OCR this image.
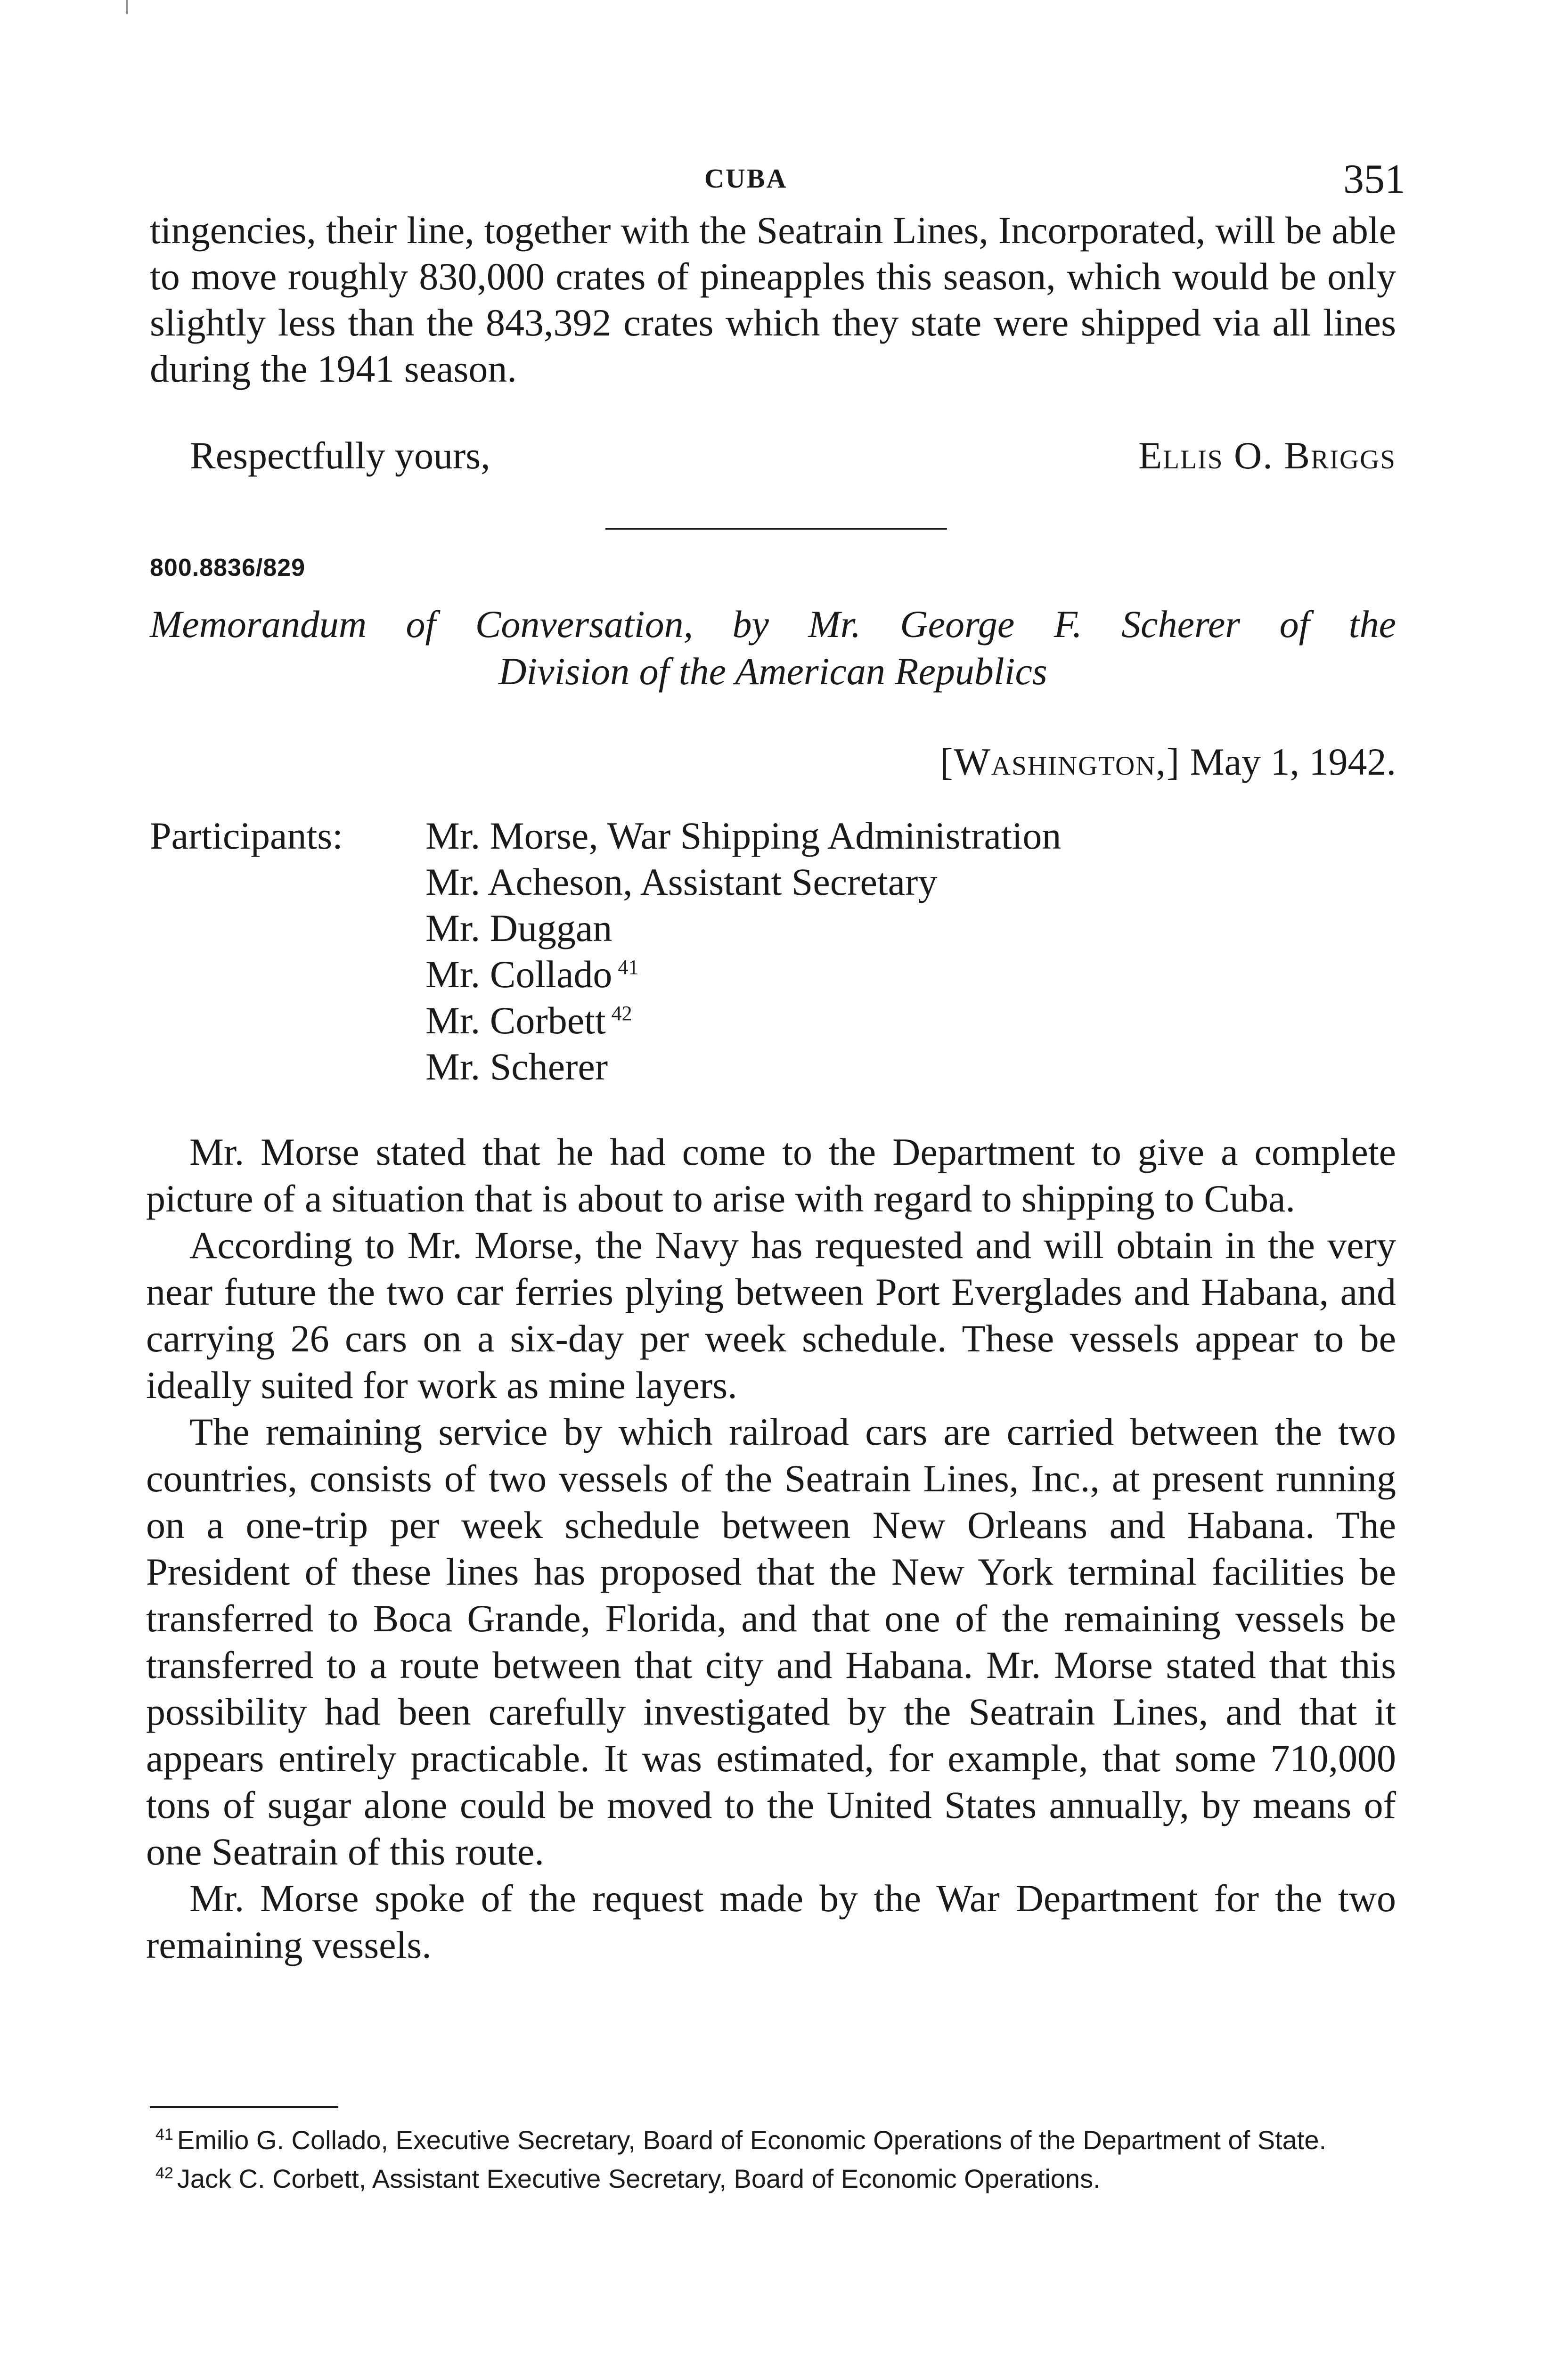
CUBA	351

tingencies, their line, together with the Seatrain Lines, Incorporated, will be able to move roughly 830,000 crates of pineapples this season, which would be only slightly less than the 843,392 crates which they state were shipped via all lines during the 1941 season.

Respectfully yours,	Ellis O. Briggs
800.8836/829
Memorandum of Conversation, by Mr. George F. Scherer of the
Division of the American Republics
[Washington,] May 1, 1942.
Participants: Mr. Morse, War Shipping Administration
Mr. Acheson, Assistant Secretary
Mr. Duggan
Mr. Collado $^{41}$
Mr. Corbett $^{42}$
Mr. Scherer

Mr. Morse stated that he had come to the Department to give a complete picture of a situation that is about to arise with regard to shipping to Cuba.

According to Mr. Morse, the Navy has requested and will obtain in the very near future the two car ferries plying between Port Everglades and Habana, and carrying 26 cars on a six-day per week schedule. These vessels appear to be ideally suited for work as mine layers.

The remaining service by which railroad cars are carried between the two countries, consists of two vessels of the Seatrain Lines, Inc., at present running on a one-trip per week schedule between New Orleans and Habana. The President of these lines has proposed that the New York terminal facilities be transferred to Boca Grande, Florida, and that one of the remaining vessels be transferred to a route between that city and Habana. Mr. Morse stated that this possibility had been carefully investigated by the Seatrain Lines, and that it appears entirely practicable. It was estimated, for example, that some 710,000 tons of sugar alone could be moved to the United States annually, by means of one Seatrain of this route.

Mr. Morse spoke of the request made by the War Department for the two remaining vessels.

$^{41}$ Emilio G. Collado, Executive Secretary, Board of Economic Operations of the Department of State.

$^{42}$ Jack C. Corbett, Assistant Executive Secretary, Board of Economic Operations.
